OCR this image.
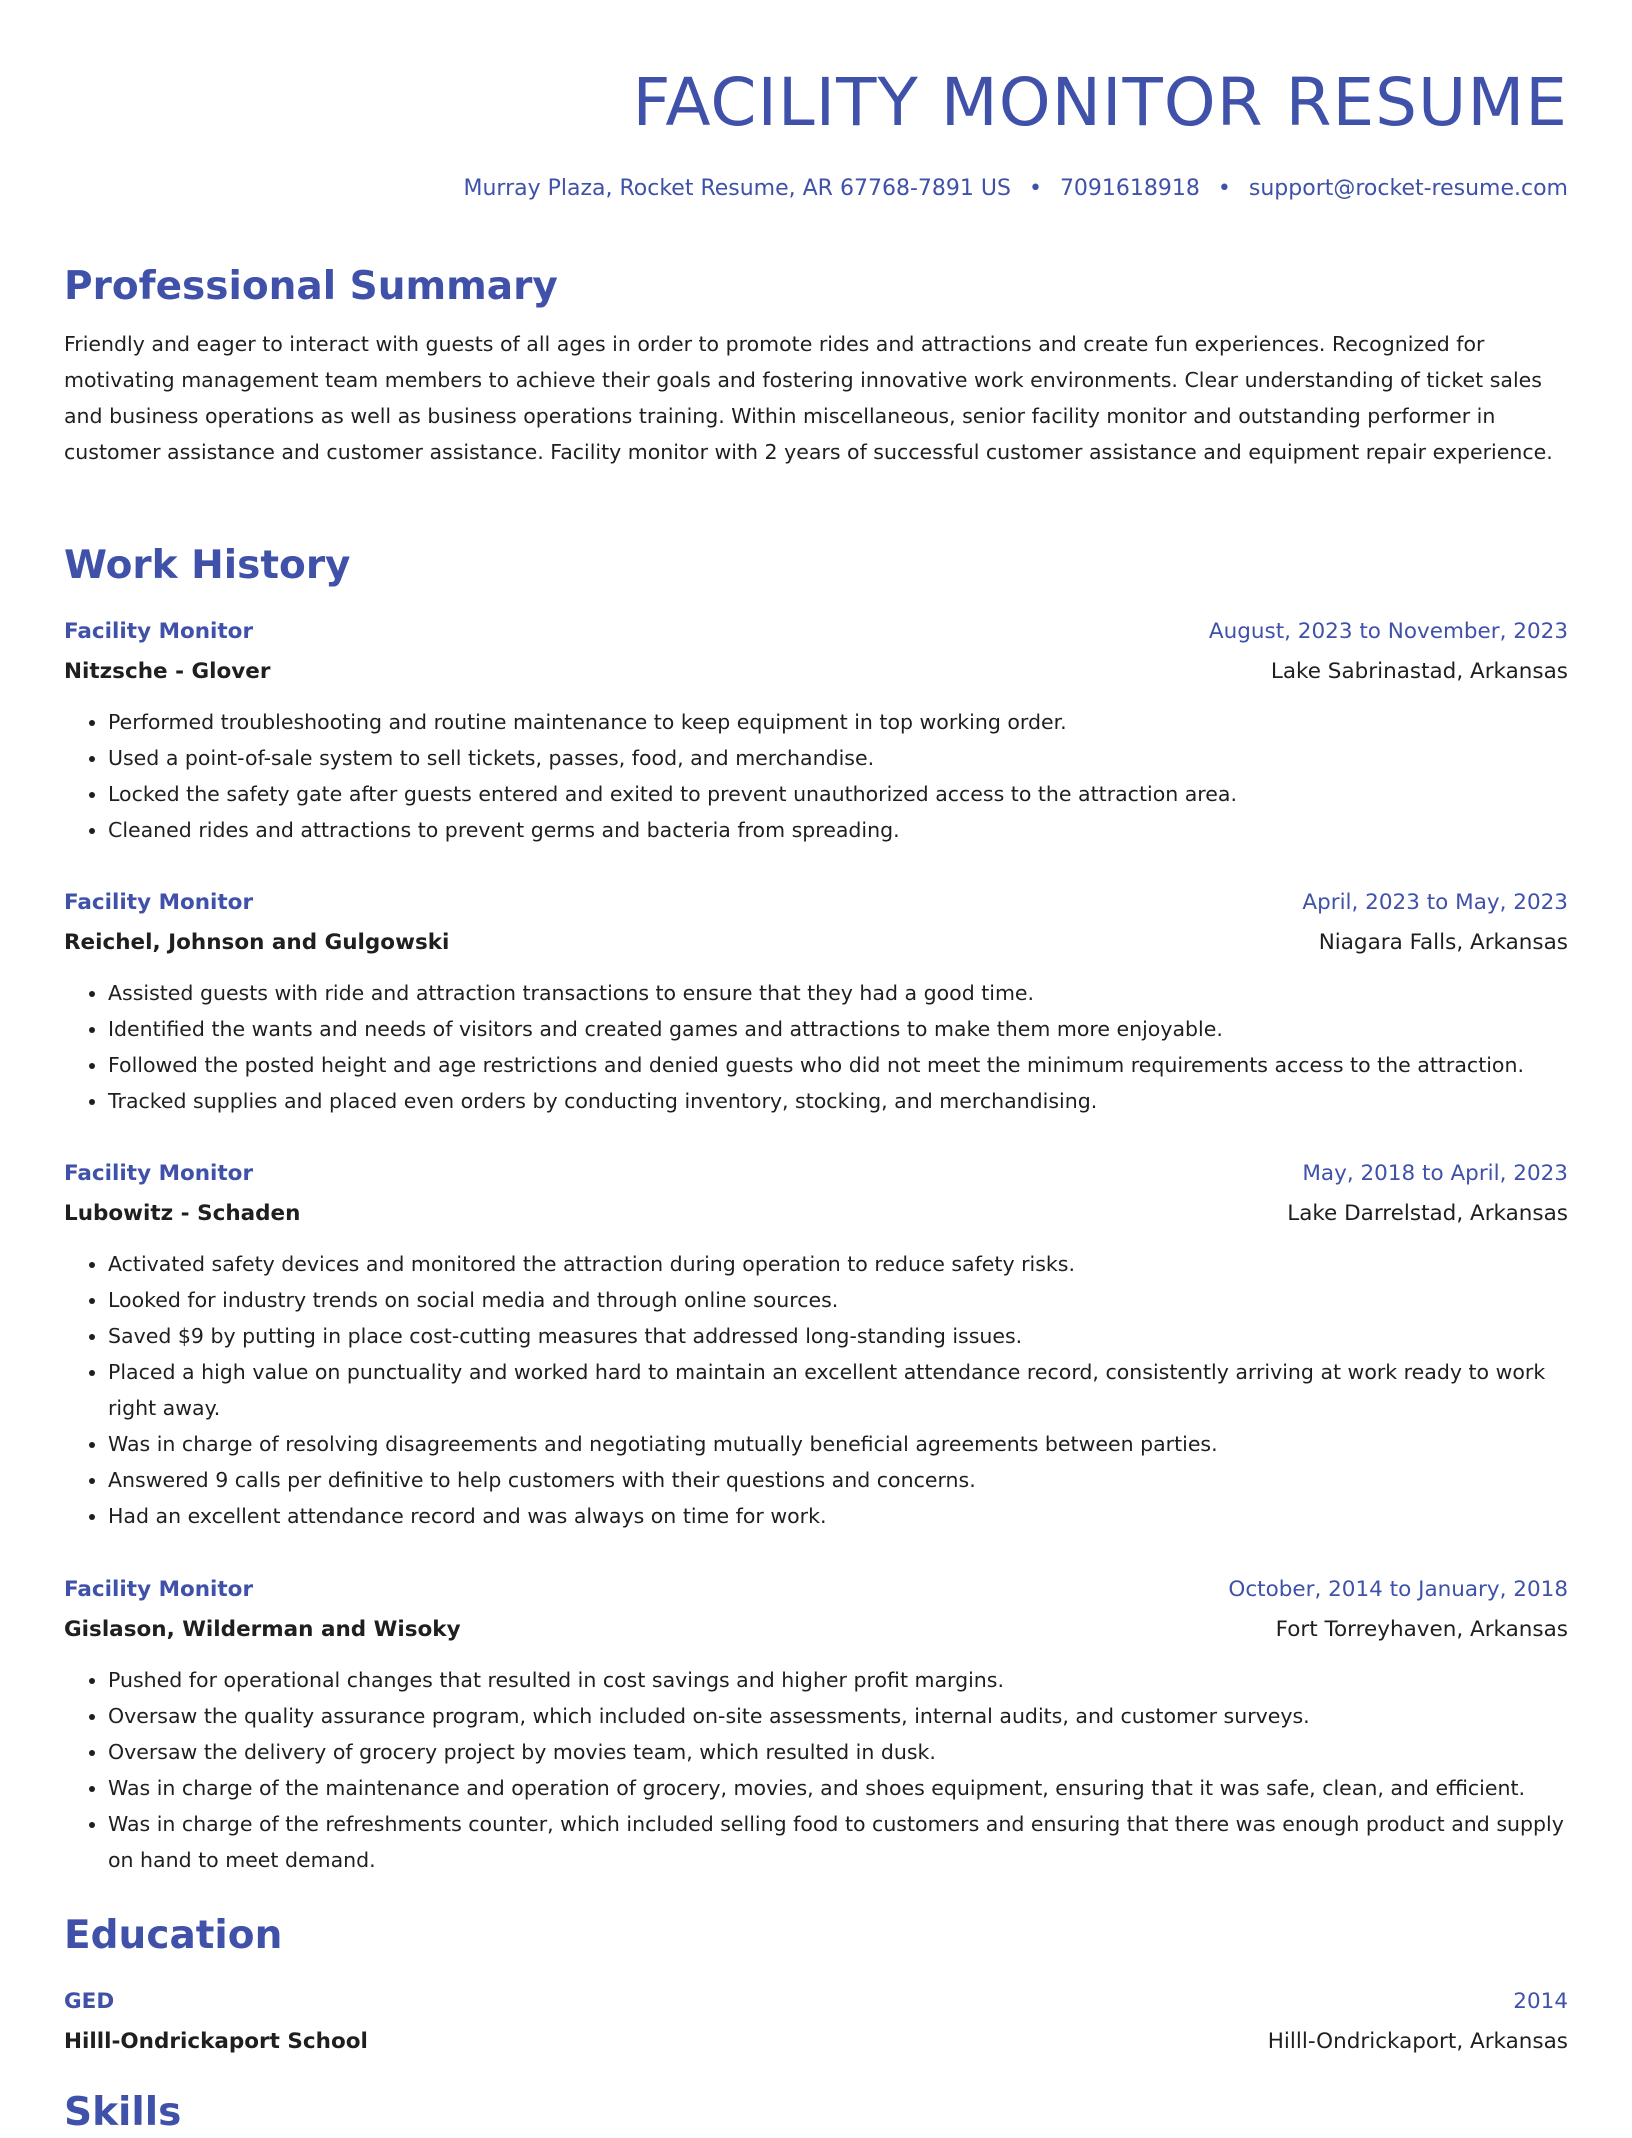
FACILITY MONITOR RESUME
Murray Plaza, Rocket Resume, AR 67768-7891 US • 7091618918 • support@rocket-resume.com
Professional Summary
Friendly and eager to interact with guests of all ages in order to promote rides and attractions and create fun experiences. Recognized for motivating management team members to achieve their goals and fostering innovative work environments. Clear understanding of ticket sales and business operations as well as business operations training. Within miscellaneous, senior facility monitor and outstanding performer in customer assistance and customer assistance. Facility monitor with 2 years of successful customer assistance and equipment repair experience.
Work History
Facility Monitor	August, 2023 to November, 2023
Nitzsche - Glover	Lake Sabrinastad, Arkansas
• Performed troubleshooting and routine maintenance to keep equipment in top working order.
• Used a point-of-sale system to sell tickets, passes, food, and merchandise.
• Locked the safety gate after guests entered and exited to prevent unauthorized access to the attraction area.
• Cleaned rides and attractions to prevent germs and bacteria from spreading.
Facility Monitor	April, 2023 to May, 2023
Reichel, Johnson and Gulgowski	Niagara Falls, Arkansas
• Assisted guests with ride and attraction transactions to ensure that they had a good time.
• Identified the wants and needs of visitors and created games and attractions to make them more enjoyable.
• Followed the posted height and age restrictions and denied guests who did not meet the minimum requirements access to the attraction.
• Tracked supplies and placed even orders by conducting inventory, stocking, and merchandising.
Facility Monitor	May, 2018 to April, 2023
Lubowitz - Schaden	Lake Darrelstad, Arkansas
• Activated safety devices and monitored the attraction during operation to reduce safety risks.
• Looked for industry trends on social media and through online sources.
• Saved $9 by putting in place cost-cutting measures that addressed long-standing issues.
• Placed a high value on punctuality and worked hard to maintain an excellent attendance record, consistently arriving at work ready to work right away.
• Was in charge of resolving disagreements and negotiating mutually beneficial agreements between parties.
• Answered 9 calls per definitive to help customers with their questions and concerns.
• Had an excellent attendance record and was always on time for work.
Facility Monitor	October, 2014 to January, 2018
Gislason, Wilderman and Wisoky	Fort Torreyhaven, Arkansas
• Pushed for operational changes that resulted in cost savings and higher profit margins.
• Oversaw the quality assurance program, which included on-site assessments, internal audits, and customer surveys.
• Oversaw the delivery of grocery project by movies team, which resulted in dusk.
• Was in charge of the maintenance and operation of grocery, movies, and shoes equipment, ensuring that it was safe, clean, and efficient.
• Was in charge of the refreshments counter, which included selling food to customers and ensuring that there was enough product and supply on hand to meet demand.
Education
GED	2014
Hilll-Ondrickaport School	Hilll-Ondrickaport, Arkansas
Skills
